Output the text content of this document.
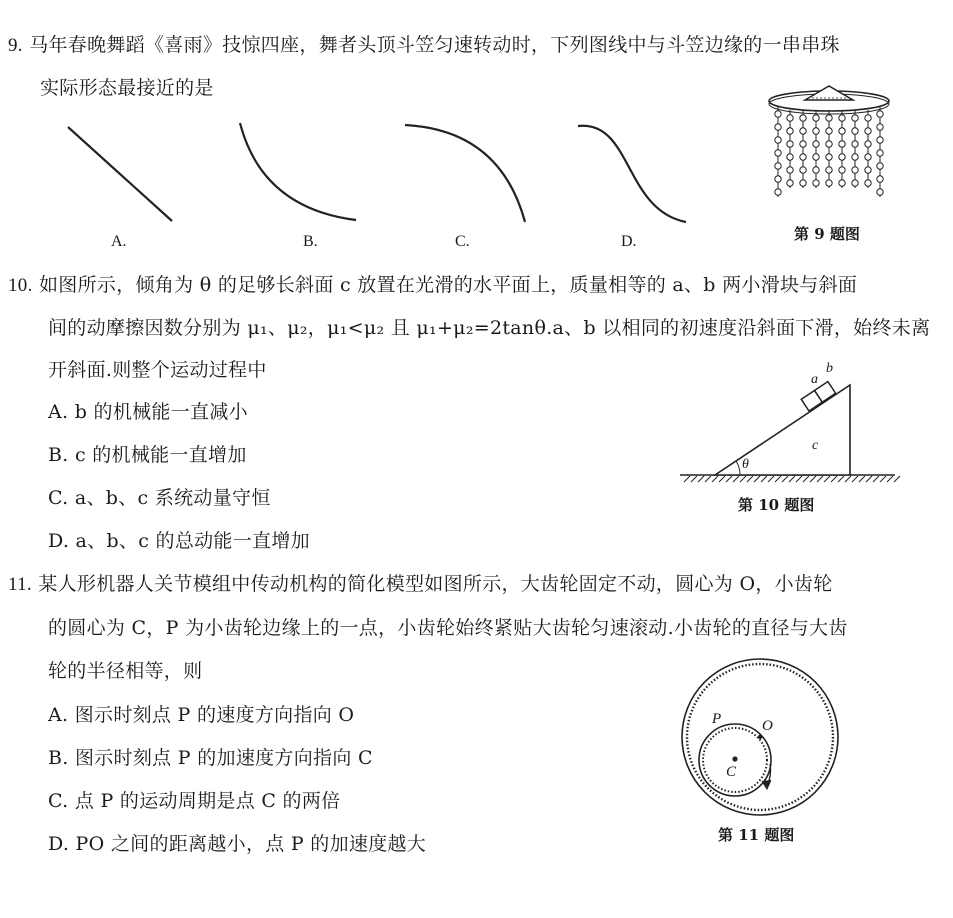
9. 马年春晚舞蹈《喜雨》技惊四座，舞者头顶斗笠匀速转动时，下列图线中与斗笠边缘的一串串珠
实际形态最接近的是
A.	B.	C.	D.	第 9 题图
10. 如图所示，倾角为 θ 的足够长斜面 c 放置在光滑的水平面上，质量相等的 a、b 两小滑块与斜面
间的动摩擦因数分别为 μ₁、μ₂，μ₁<μ₂ 且 μ₁+μ₂=2tanθ.a、b 以相同的初速度沿斜面下滑，始终未离
开斜面.则整个运动过程中
A. b 的机械能一直减小
B. c 的机械能一直增加
C. a、b、c 系统动量守恒
D. a、b、c 的总动能一直增加
a
b
c
θ
第 10 题图
11. 某人形机器人关节模组中传动机构的简化模型如图所示，大齿轮固定不动，圆心为 O，小齿轮
的圆心为 C，P 为小齿轮边缘上的一点，小齿轮始终紧贴大齿轮匀速滚动.小齿轮的直径与大齿
轮的半径相等，则
A. 图示时刻点 P 的速度方向指向 O
B. 图示时刻点 P 的加速度方向指向 C
C. 点 P 的运动周期是点 C 的两倍
D. PO 之间的距离越小，点 P 的加速度越大
P	O
C
第 11 题图
